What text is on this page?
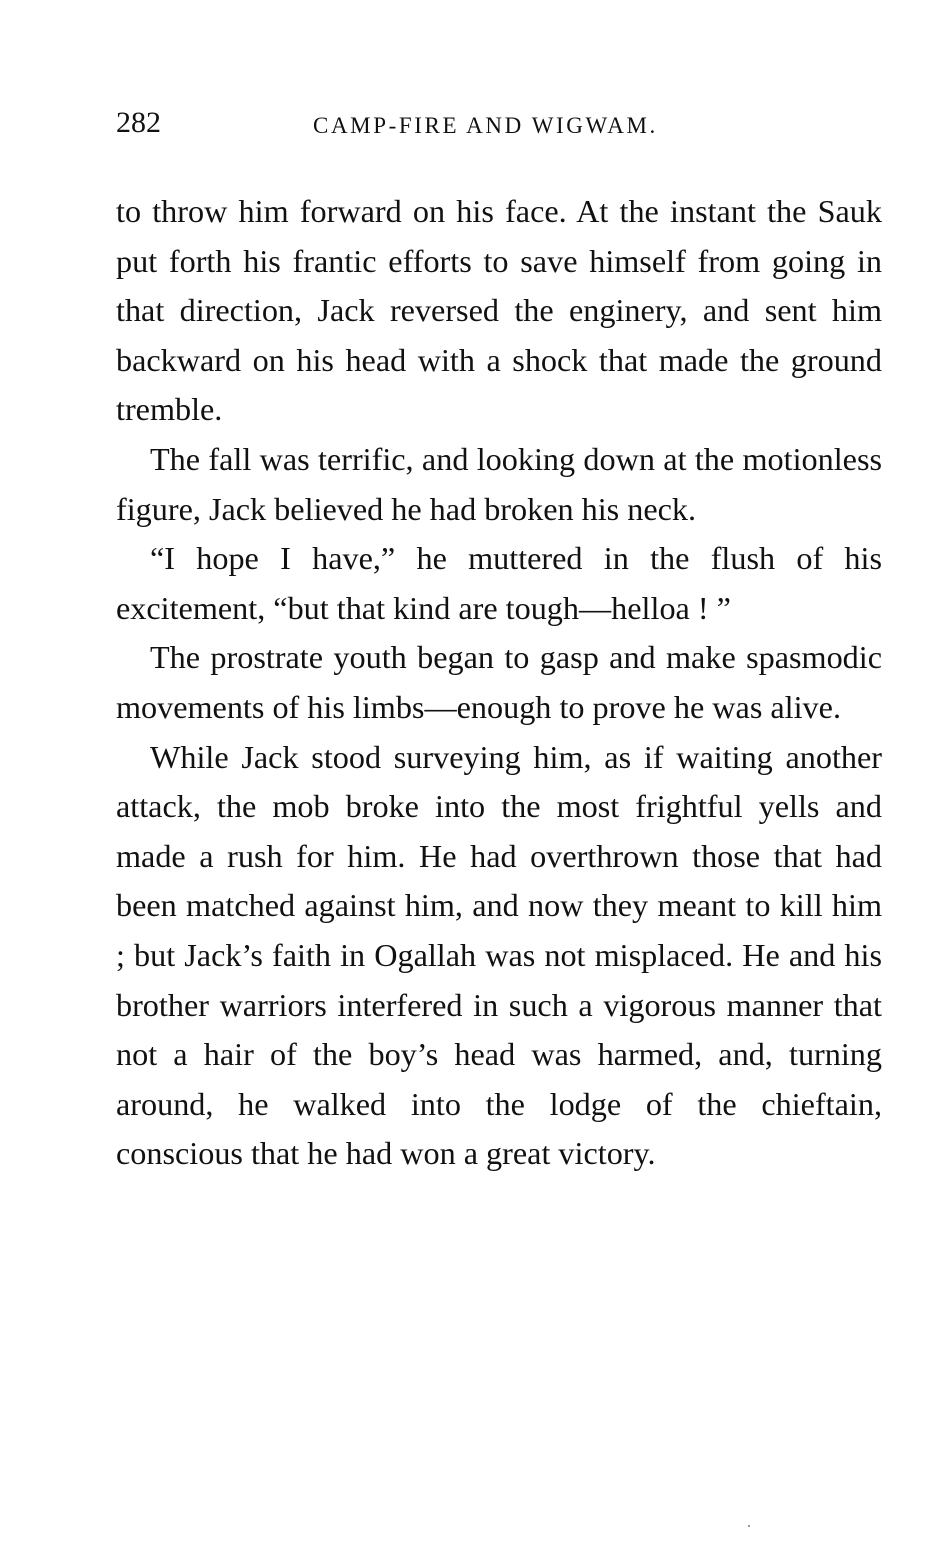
282	CAMP-FIRE AND WIGWAM.

to throw him forward on his face. At the instant the Sauk put forth his frantic efforts to save himself from going in that direction, Jack reversed the enginery, and sent him backward on his head with a shock that made the ground tremble.

The fall was terrific, and looking down at the motionless figure, Jack believed he had broken his neck.

“I hope I have,” he muttered in the flush of his excitement, “but that kind are tough—helloa ! ”

The prostrate youth began to gasp and make spasmodic movements of his limbs—enough to prove he was alive.

While Jack stood surveying him, as if waiting another attack, the mob broke into the most frightful yells and made a rush for him. He had overthrown those that had been matched against him, and now they meant to kill him ; but Jack’s faith in Ogallah was not misplaced. He and his brother warriors interfered in such a vigorous manner that not a hair of the boy’s head was harmed, and, turning around, he walked into the lodge of the chieftain, conscious that he had won a great victory.
